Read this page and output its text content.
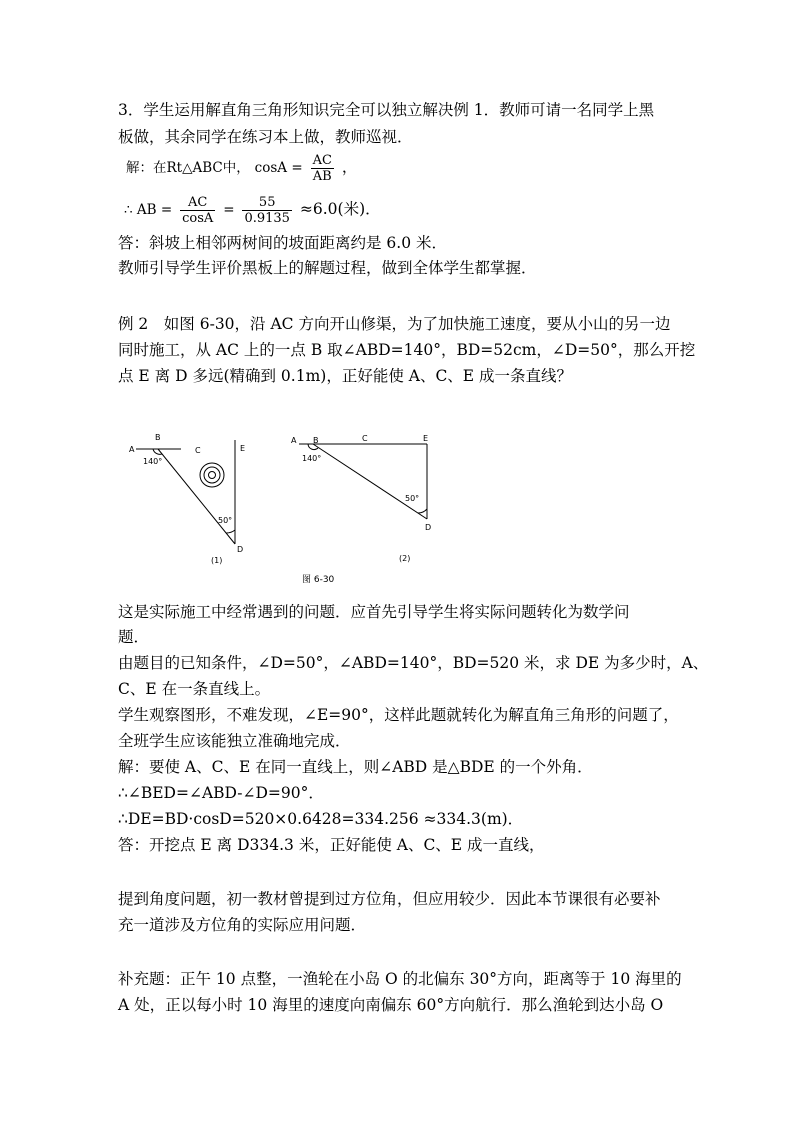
3．学生运用解直角三角形知识完全可以独立解决例 1．教师可请一名同学上黑
板做，其余同学在练习本上做，教师巡视．
解：在Rt△ABC中， $\cos A = \frac{AC}{AB}$ ，
∴ AB = $\frac{AC}{\cos A} = \frac{55}{0.9135} \approx 6.0$(米)．
答：斜坡上相邻两树间的坡面距离约是 6.0 米．
教师引导学生评价黑板上的解题过程，做到全体学生都掌握．
例 2　如图 6-30，沿 AC 方向开山修渠，为了加快施工速度，要从小山的另一边
同时施工，从 AC 上的一点 B 取∠ABD=140°，BD=52cm，∠D=50°，那么开挖
点 E 离 D 多远(精确到 0.1m)，正好能使 A、C、E 成一条直线？
这是实际施工中经常遇到的问题．应首先引导学生将实际问题转化为数学问
题．
由题目的已知条件，∠D=50°，∠ABD=140°，BD=520 米，求 DE 为多少时，A、
C、E 在一条直线上。
学生观察图形，不难发现，∠E=90°，这样此题就转化为解直角三角形的问题了，
全班学生应该能独立准确地完成．
解：要使 A、C、E 在同一直线上，则∠ABD 是△BDE 的一个外角．
∴∠BED=∠ABD-∠D=90°．
∴DE=BD·cosD=520×0.6428=334.256 ≈334.3(m)．
答：开挖点 E 离 D334.3 米，正好能使 A、C、E 成一直线，
提到角度问题，初一教材曾提到过方位角，但应用较少．因此本节课很有必要补
充一道涉及方位角的实际应用问题．
补充题：正午 10 点整，一渔轮在小岛 O 的北偏东 30°方向，距离等于 10 海里的
A 处，正以每小时 10 海里的速度向南偏东 60°方向航行．那么渔轮到达小岛 O
A
B
C	E
D
140°
50°
(1)
A B	C	E
D
140°
50°
(2)
图 6-30
